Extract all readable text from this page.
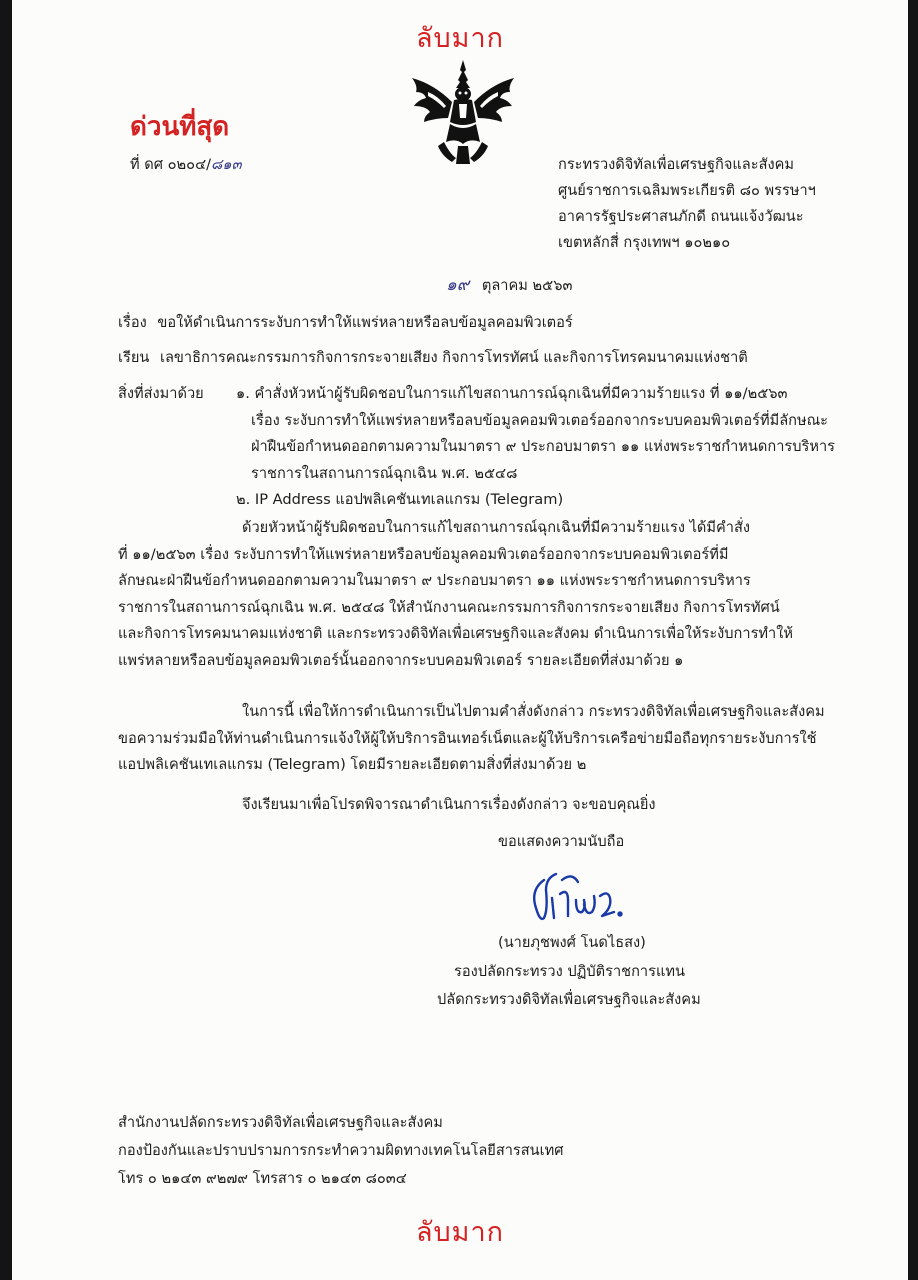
ลับมาก
ด่วนที่สุด
ที่ ดศ ๐๒๐๔/๘๑๓	กระทรวงดิจิทัลเพื่อเศรษฐกิจและสังคม
ศูนย์ราชการเฉลิมพระเกียรติ ๘๐ พรรษาฯ
อาคารรัฐประศาสนภักดี ถนนแจ้งวัฒนะ
เขตหลักสี่ กรุงเทพฯ ๑๐๒๑๐
๑๙ ตุลาคม ๒๕๖๓
เรื่อง ขอให้ดำเนินการระงับการทำให้แพร่หลายหรือลบข้อมูลคอมพิวเตอร์
เรียน เลขาธิการคณะกรรมการกิจการกระจายเสียง กิจการโทรทัศน์ และกิจการโทรคมนาคมแห่งชาติ
สิ่งที่ส่งมาด้วย ๑. คำสั่งหัวหน้าผู้รับผิดชอบในการแก้ไขสถานการณ์ฉุกเฉินที่มีความร้ายแรง ที่ ๑๑/๒๕๖๓
เรื่อง ระงับการทำให้แพร่หลายหรือลบข้อมูลคอมพิวเตอร์ออกจากระบบคอมพิวเตอร์ที่มีลักษณะ
ฝ่าฝืนข้อกำหนดออกตามความในมาตรา ๙ ประกอบมาตรา ๑๑ แห่งพระราชกำหนดการบริหาร
ราชการในสถานการณ์ฉุกเฉิน พ.ศ. ๒๕๔๘
๒. IP Address แอปพลิเคชันเทเลแกรม (Telegram)
ด้วยหัวหน้าผู้รับผิดชอบในการแก้ไขสถานการณ์ฉุกเฉินที่มีความร้ายแรง ได้มีคำสั่ง
ที่ ๑๑/๒๕๖๓ เรื่อง ระงับการทำให้แพร่หลายหรือลบข้อมูลคอมพิวเตอร์ออกจากระบบคอมพิวเตอร์ที่มี
ลักษณะฝ่าฝืนข้อกำหนดออกตามความในมาตรา ๙ ประกอบมาตรา ๑๑ แห่งพระราชกำหนดการบริหาร
ราชการในสถานการณ์ฉุกเฉิน พ.ศ. ๒๕๔๘ ให้สำนักงานคณะกรรมการกิจการกระจายเสียง กิจการโทรทัศน์
และกิจการโทรคมนาคมแห่งชาติ และกระทรวงดิจิทัลเพื่อเศรษฐกิจและสังคม ดำเนินการเพื่อให้ระงับการทำให้
แพร่หลายหรือลบข้อมูลคอมพิวเตอร์นั้นออกจากระบบคอมพิวเตอร์ รายละเอียดที่ส่งมาด้วย ๑
ในการนี้ เพื่อให้การดำเนินการเป็นไปตามคำสั่งดังกล่าว กระทรวงดิจิทัลเพื่อเศรษฐกิจและสังคม
ขอความร่วมมือให้ท่านดำเนินการแจ้งให้ผู้ให้บริการอินเทอร์เน็ตและผู้ให้บริการเครือข่ายมือถือทุกรายระงับการใช้
แอปพลิเคชันเทเลแกรม (Telegram) โดยมีรายละเอียดตามสิ่งที่ส่งมาด้วย ๒
จึงเรียนมาเพื่อโปรดพิจารณาดำเนินการเรื่องดังกล่าว จะขอบคุณยิ่ง
ขอแสดงความนับถือ
(นายภุชพงศ์ โนดไธสง)
รองปลัดกระทรวง ปฏิบัติราชการแทน
ปลัดกระทรวงดิจิทัลเพื่อเศรษฐกิจและสังคม
สำนักงานปลัดกระทรวงดิจิทัลเพื่อเศรษฐกิจและสังคม
กองป้องกันและปราบปรามการกระทำความผิดทางเทคโนโลยีสารสนเทศ
โทร ๐ ๒๑๔๓ ๙๒๗๙ โทรสาร ๐ ๒๑๔๓ ๘๐๓๔
ลับมาก
